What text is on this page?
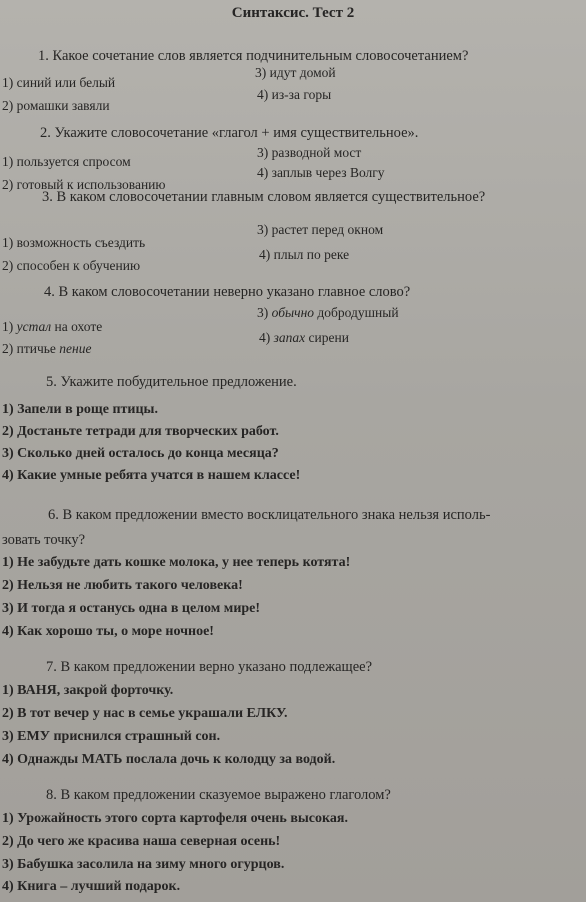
Синтаксис. Тест 2
1. Какое сочетание слов является подчинительным словосочетанием?
1) синий или белый
3) идут домой
2) ромашки завяли
4) из-за горы
2. Укажите словосочетание «глагол + имя существительное».
1) пользуется спросом
3) разводной мост
2) готовый к использованию
4) заплыв через Волгу
3. В каком словосочетании главным словом является существительное?
1) возможность съездить
3) растет перед окном
2) способен к обучению
4) плыл по реке
4. В каком словосочетании неверно указано главное слово?
1) устал на охоте
3) обычно добродушный
2) птичье пение
4) запах сирени
5. Укажите побудительное предложение.
1) Запели в роще птицы.
2) Достаньте тетради для творческих работ.
3) Сколько дней осталось до конца месяца?
4) Какие умные ребята учатся в нашем классе!
6. В каком предложении вместо восклицательного знака нельзя исполь-
зовать точку?
1) Не забудьте дать кошке молока, у нее теперь котята!
2) Нельзя не любить такого человека!
3) И тогда я останусь одна в целом мире!
4) Как хорошо ты, о море ночное!
7. В каком предложении верно указано подлежащее?
1) ВАНЯ, закрой форточку.
2) В тот вечер у нас в семье украшали ЕЛКУ.
3) ЕМУ приснился страшный сон.
4) Однажды МАТЬ послала дочь к колодцу за водой.
8. В каком предложении сказуемое выражено глаголом?
1) Урожайность этого сорта картофеля очень высокая.
2) До чего же красива наша северная осень!
3) Бабушка засолила на зиму много огурцов.
4) Книга – лучший подарок.
